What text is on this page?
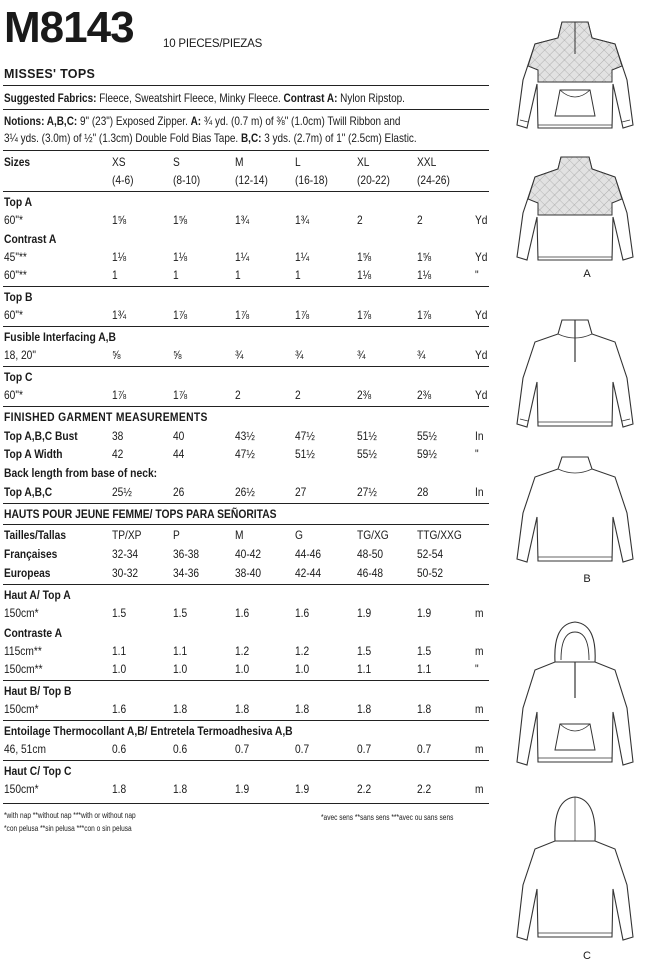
M8143	10 PIECES/PIEZAS
MISSES' TOPS
Suggested Fabrics: Fleece, Sweatshirt Fleece, Minky Fleece. Contrast A: Nylon Ripstop.
Notions: A,B,C: 9" (23") Exposed Zipper. A: ¾ yd. (0.7 m) of ⅜" (1.0cm) Twill Ribbon and
3¼ yds. (3.0m) of ½" (1.3cm) Double Fold Bias Tape. B,C: 3 yds. (2.7m) of 1" (2.5cm) Elastic.
Sizes	XS	S	M	L	XL	XXL
(4-6)	(8-10)	(12-14) (16-18) (20-22) (24-26)
Top A
60"*	1⅝	1⅝	1¾	1¾	2	2	Yd
Contrast A
45"**	1⅛	1⅛	1¼	1¼	1⅝	1⅝	Yd
60"**	1	1	1	1	1⅛	1⅛	"
Top B
60"*	1¾	1⅞	1⅞	1⅞	1⅞	1⅞	Yd
Fusible Interfacing A,B
18, 20"	⅝	⅝	¾	¾	¾	¾	Yd
Top C
60"*	1⅞	1⅞	2	2	2⅜	2⅜	Yd
FINISHED GARMENT MEASUREMENTS
Top A,B,C Bust	38	40	43½	47½	51½	55½	In
Top A Width	42	44	47½	51½	55½	59½	"
Back length from base of neck:
Top A,B,C	25½	26	26½	27	27½	28	In
HAUTS POUR JEUNE FEMME/ TOPS PARA SEÑORITAS
Tailles/Tallas	TP/XP	P	M	G	TG/XG TTG/XXG
Françaises	32-34	36-38	40-42	44-46	48-50	52-54
Europeas	30-32	34-36	38-40	42-44	46-48	50-52
Haut A/ Top A
150cm*	1.5	1.5	1.6	1.6	1.9	1.9	m
Contraste A
115cm**	1.1	1.1	1.2	1.2	1.5	1.5	m
150cm**	1.0	1.0	1.0	1.0	1.1	1.1	"
Haut B/ Top B
150cm*	1.6	1.8	1.8	1.8	1.8	1.8	m
Entoilage Thermocollant A,B/ Entretela Termoadhesiva A,B
46, 51cm	0.6	0.6	0.7	0.7	0.7	0.7	m
Haut C/ Top C
150cm*	1.8	1.8	1.9	1.9	2.2	2.2	m
*with nap **without nap ***with or without nap
*con pelusa **sin pelusa ***con o sin pelusa
*avec sens **sans sens ***avec ou sans sens
A
B
C
